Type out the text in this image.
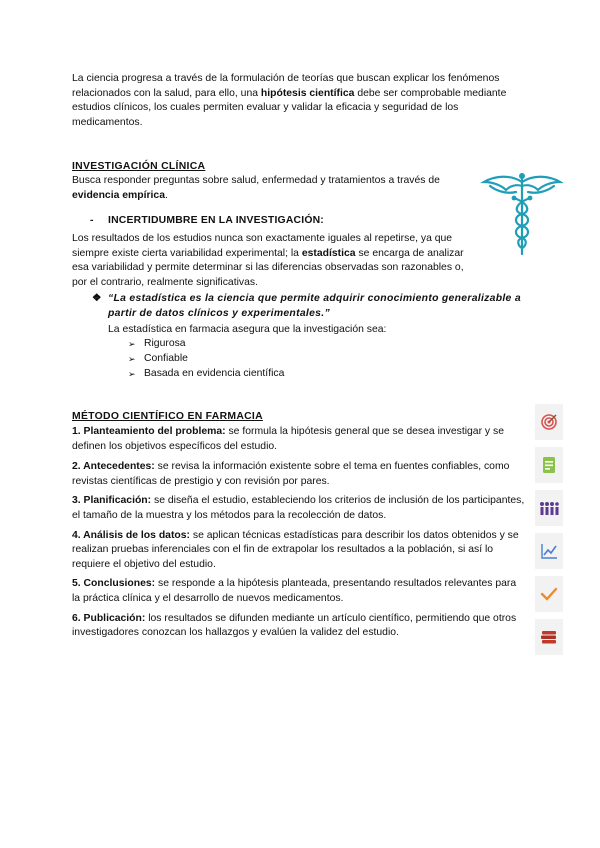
La ciencia progresa a través de la formulación de teorías que buscan explicar los fenómenos relacionados con la salud, para ello, una hipótesis científica debe ser comprobable mediante estudios clínicos, los cuales permiten evaluar y validar la eficacia y seguridad de los medicamentos.

INVESTIGACIÓN CLÍNICA

Busca responder preguntas sobre salud, enfermedad y tratamientos a través de evidencia empírica.

- INCERTIDUMBRE EN LA INVESTIGACIÓN:

Los resultados de los estudios nunca son exactamente iguales al repetirse, ya que siempre existe cierta variabilidad experimental; la estadística se encarga de analizar esa variabilidad y permite determinar si las diferencias observadas son razonables o, por el contrario, realmente significativas.

❖ “La estadística es la ciencia que permite adquirir conocimiento generalizable a partir de datos clínicos y experimentales.”
La estadística en farmacia asegura que la investigación sea:
➢ Rigurosa
➢ Confiable
➢ Basada en evidencia científica
MÉTODO CIENTÍFICO EN FARMACIA

1. Planteamiento del problema: se formula la hipótesis general que se desea investigar y se definen los objetivos específicos del estudio.

2. Antecedentes: se revisa la información existente sobre el tema en fuentes confiables, como revistas científicas de prestigio y con revisión por pares.

3. Planificación: se diseña el estudio, estableciendo los criterios de inclusión de los participantes, el tamaño de la muestra y los métodos para la recolección de datos.

4. Análisis de los datos: se aplican técnicas estadísticas para describir los datos obtenidos y se realizan pruebas inferenciales con el fin de extrapolar los resultados a la población, si así lo requiere el objetivo del estudio.

5. Conclusiones: se responde a la hipótesis planteada, presentando resultados relevantes para la práctica clínica y el desarrollo de nuevos medicamentos.

6. Publicación: los resultados se difunden mediante un artículo científico, permitiendo que otros investigadores conozcan los hallazgos y evalúen la validez del estudio.
